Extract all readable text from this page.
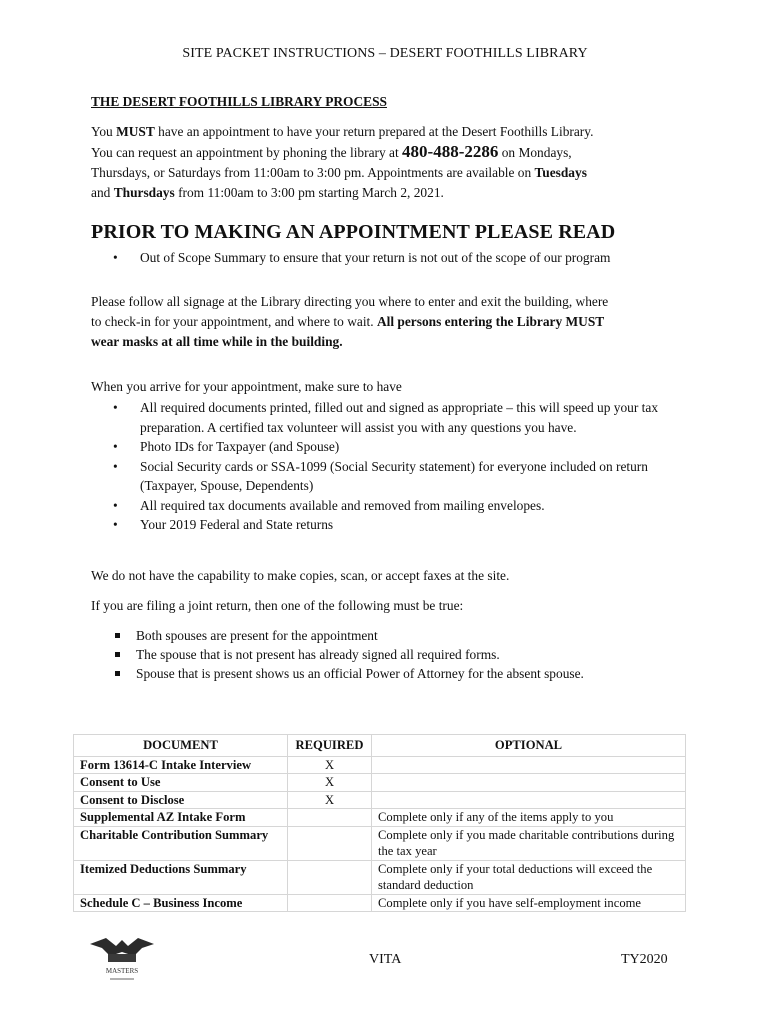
SITE PACKET INSTRUCTIONS – DESERT FOOTHILLS LIBRARY
THE DESERT FOOTHILLS LIBRARY PROCESS
You MUST have an appointment to have your return prepared at the Desert Foothills Library.
You can request an appointment by phoning the library at 480-488-2286 on Mondays,
Thursdays, or Saturdays from 11:00am to 3:00 pm. Appointments are available on Tuesdays
and Thursdays from 11:00am to 3:00 pm starting March 2, 2021.
PRIOR TO MAKING AN APPOINTMENT PLEASE READ
• Out of Scope Summary to ensure that your return is not out of the scope of our program
Please follow all signage at the Library directing you where to enter and exit the building, where
to check-in for your appointment, and where to wait. All persons entering the Library MUST
wear masks at all time while in the building.
When you arrive for your appointment, make sure to have
• All required documents printed, filled out and signed as appropriate – this will speed up your tax preparation. A certified tax volunteer will assist you with any questions you have.
• Photo IDs for Taxpayer (and Spouse)
• Social Security cards or SSA-1099 (Social Security statement) for everyone included on return (Taxpayer, Spouse, Dependents)
• All required tax documents available and removed from mailing envelopes.
• Your 2019 Federal and State returns
We do not have the capability to make copies, scan, or accept faxes at the site.
If you are filing a joint return, then one of the following must be true:
Both spouses are present for the appointment
The spouse that is not present has already signed all required forms.
Spouse that is present shows us an official Power of Attorney for the absent spouse.
DOCUMENT	REQUIRED	OPTIONAL
Form 13614-C Intake Interview	X	
Consent to Use	X	
Consent to Disclose	X	
Supplemental AZ Intake Form		Complete only if any of the items apply to you
Charitable Contribution Summary		Complete only if you made charitable contributions during the tax year
Itemized Deductions Summary		Complete only if your total deductions will exceed the standard deduction
Schedule C – Business Income		Complete only if you have self-employment income
MASTERS
VITA	TY2020
